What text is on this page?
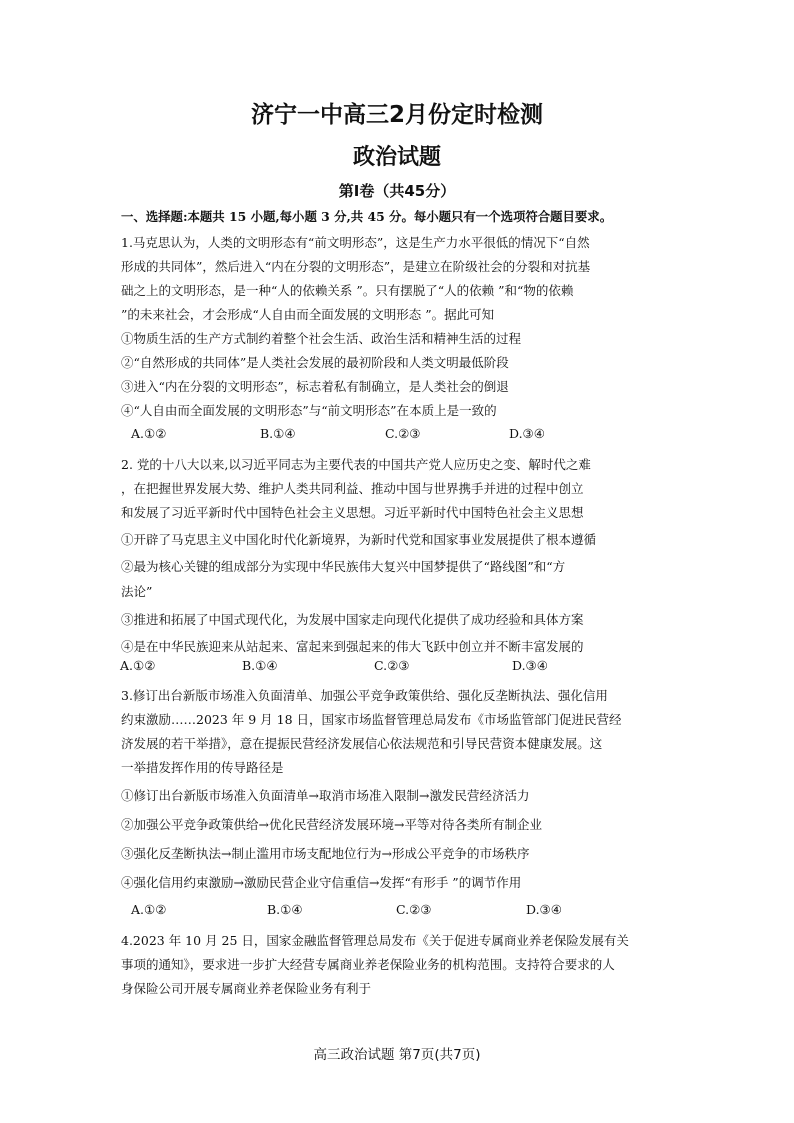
济宁一中高三2月份定时检测
政治试题
第Ⅰ卷（共45分）
一、选择题:本题共 15 小题,每小题 3 分,共 45 分。每小题只有一个选项符合题目要求。
1.马克思认为，人类的文明形态有“前文明形态”，这是生产力水平很低的情况下“自然
形成的共同体”，然后进入“内在分裂的文明形态”，是建立在阶级社会的分裂和对抗基
础之上的文明形态，是一种“人的依赖关系 ”。只有摆脱了“人的依赖 ”和“物的依赖
”的未来社会，才会形成“人自由而全面发展的文明形态 ”。据此可知
①物质生活的生产方式制约着整个社会生活、政治生活和精神生活的过程
②“自然形成的共同体”是人类社会发展的最初阶段和人类文明最低阶段
③进入“内在分裂的文明形态”，标志着私有制确立，是人类社会的倒退
④“人自由而全面发展的文明形态”与“前文明形态”在本质上是一致的
A.①②	B.①④	C.②③	D.③④
2. 党的十八大以来,以习近平同志为主要代表的中国共产党人应历史之变、解时代之难
，在把握世界发展大势、维护人类共同利益、推动中国与世界携手并进的过程中创立
和发展了习近平新时代中国特色社会主义思想。习近平新时代中国特色社会主义思想
①开辟了马克思主义中国化时代化新境界，为新时代党和国家事业发展提供了根本遵循
②最为核心关键的组成部分为实现中华民族伟大复兴中国梦提供了“路线图”和“方
法论”
③推进和拓展了中国式现代化，为发展中国家走向现代化提供了成功经验和具体方案
④是在中华民族迎来从站起来、富起来到强起来的伟大飞跃中创立并不断丰富发展的
A.①②	B.①④	C.②③	D.③④
3.修订出台新版市场准入负面清单、加强公平竞争政策供给、强化反垄断执法、强化信用
约束激励……2023 年 9 月 18 日，国家市场监督管理总局发布《市场监管部门促进民营经
济发展的若干举措》，意在提振民营经济发展信心依法规范和引导民营资本健康发展。这
一举措发挥作用的传导路径是
①修订出台新版市场准入负面清单→取消市场准入限制→激发民营经济活力
②加强公平竞争政策供给→优化民营经济发展环境→平等对待各类所有制企业
③强化反垄断执法→制止滥用市场支配地位行为→形成公平竞争的市场秩序
④强化信用约束激励→激励民营企业守信重信→发挥“有形手 ”的调节作用
A.①②	B.①④	C.②③	D.③④
4.2023 年 10 月 25 日，国家金融监督管理总局发布《关于促进专属商业养老保险发展有关
事项的通知》，要求进一步扩大经营专属商业养老保险业务的机构范围。支持符合要求的人
身保险公司开展专属商业养老保险业务有利于
高三政治试题 第7页(共7页)
